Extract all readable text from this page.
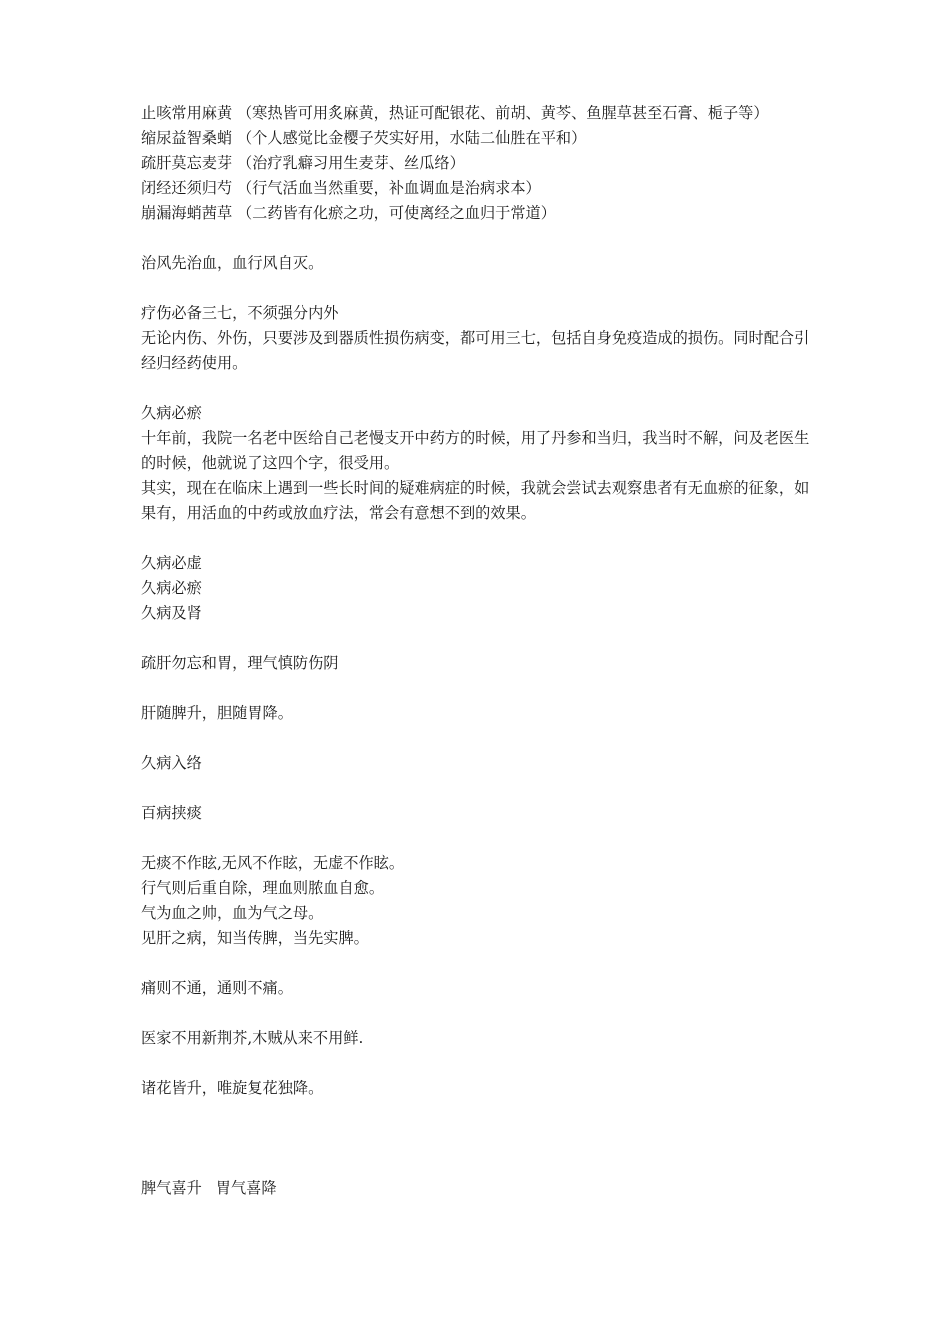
止咳常用麻黄 （寒热皆可用炙麻黄，热证可配银花、前胡、黄芩、鱼腥草甚至石膏、栀子等）
缩尿益智桑蛸 （个人感觉比金樱子芡实好用，水陆二仙胜在平和）
疏肝莫忘麦芽 （治疗乳癖习用生麦芽、丝瓜络）
闭经还须归芍 （行气活血当然重要，补血调血是治病求本）
崩漏海蛸茜草 （二药皆有化瘀之功，可使离经之血归于常道）
治风先治血，血行风自灭。
疗伤必备三七，不须强分内外
无论内伤、外伤，只要涉及到器质性损伤病变，都可用三七，包括自身免疫造成的损伤。同时配合引经归经药使用。
久病必瘀
十年前，我院一名老中医给自己老慢支开中药方的时候，用了丹参和当归，我当时不解，问及老医生的时候，他就说了这四个字，很受用。
其实，现在在临床上遇到一些长时间的疑难病症的时候，我就会尝试去观察患者有无血瘀的征象，如果有，用活血的中药或放血疗法，常会有意想不到的效果。
久病必虚
久病必瘀
久病及肾
疏肝勿忘和胃，理气慎防伤阴
肝随脾升，胆随胃降。
久病入络
百病挟痰
无痰不作眩,无风不作眩，无虚不作眩。
行气则后重自除，理血则脓血自愈。
气为血之帅，血为气之母。
见肝之病，知当传脾，当先实脾。
痛则不通，通则不痛。
医家不用新荆芥,木贼从来不用鲜.
诸花皆升，唯旋复花独降。
脾气喜升 胃气喜降
